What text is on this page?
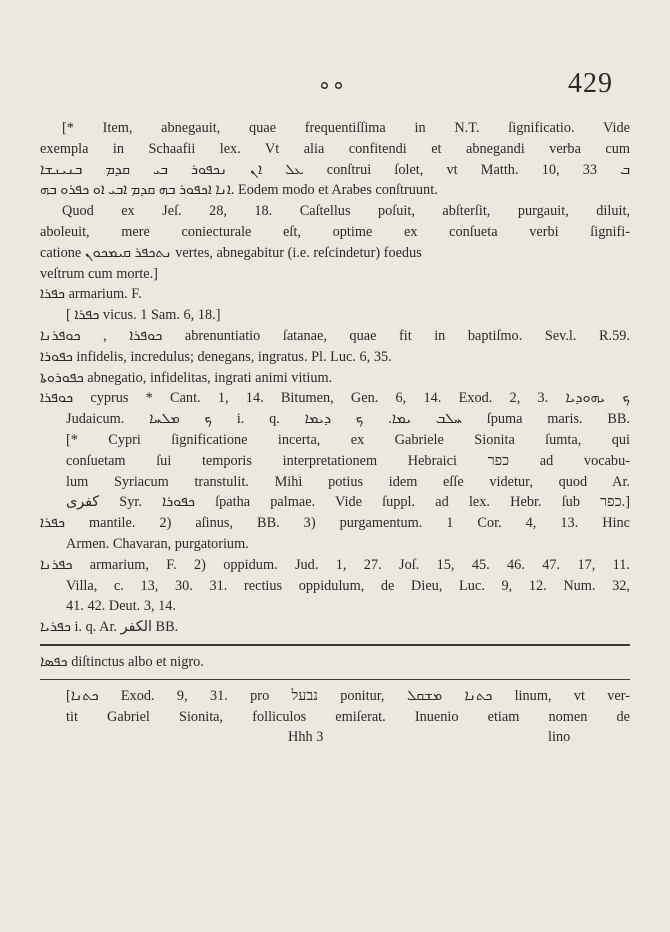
ܘ ܘ	429
[* Item, abnegauit, quae frequentiſſima in N.T. ſignificatio. Vide
exempla in Schaafii lex. Vt alia confitendi et abnegandi verba cum
ܥܠ ܐܢ ܢܟܦܘܪ ܒܝ ܩܕܡ ܒܢܝܢܫܐ conſtrui ſolet, vt Matth. 10, 33 ܒ
ܐܢܐ ܐܟܦܘܪ ܒܗ ܩܕܡ ܐܒܝ ܐܘ ܟܦܪܘ ܒܗ. Eodem modo et Arabes conſtruunt.
Quod ex Jeſ. 28, 18. Caſtellus poſuit, abſterſit, purgauit, diluit,
aboleuit, mere coniecturale eſt, optime ex conſueta verbi ſignifi-
catione ܢܬܟܦܪ ܩܝܡܟܘܢ vertes, abnegabitur (i.e. reſcindetur) foedus
veſtrum cum morte.]
ܟܦܪܐ armarium. F.
[ ܟܦܪܐ vicus. 1 Sam. 6, 18.]
ܟܘܦܪܐ , ܟܘܦܪܢܐ abrenuntiatio ſatanae, quae fit in baptiſmo. Sev.l. R.59.
ܟܦܘܪܐ infidelis, incredulus; denegans, ingratus. Pl. Luc. 6, 35.
ܟܦܘܪܘܬܐ abnegatio, infidelitas, ingrati animi vitium.
ܟܘܦܪܐ cyprus * Cant. 1, 14. Bitumen, Gen. 6, 14. Exod. 2, 3. ܟ ܝܗܘܕܝܐ
Judaicum. ܟ ܡܠܚܐ i. q. ܚܠܒ ܝܡܐ. ܟ ܕܝܡܐ ſpuma maris. BB.
[* Cypri ſignificatione incerta, ex Gabriele Sionita ſumta, qui
conſuetam ſui temporis interpretationem Hebraici כפר ad vocabu-
lum Syriacum transtulit. Mihi potius idem eſſe videtur, quod Ar.
كفرى Syr. ܟܦܘܪܐ ſpatha palmae. Vide ſuppl. ad lex. Hebr. ſub כפר.]
ܟܦܪܐ mantile. 2) aſinus, BB. 3) purgamentum. 1 Cor. 4, 13. Hinc
Armen. Chavaran, purgatorium.
ܟܦܪܢܐ armarium, F. 2) oppidum. Jud. 1, 27. Joſ. 15, 45. 46. 47. 17, 11.
Villa, c. 13, 30. 31. rectius oppidulum, de Dieu, Luc. 9, 12. Num. 32,
41. 42. Deut. 3, 14.
ܟܦܪܝܐ i. q. Ar. الكفر BB.
ܟܦܣܐ diſtinctus albo et nigro.
[ܟܬܢܐ Exod. 9, 31. pro נבעל ponitur, ܟܬܢܐ ܡܫܩܠ linum, vt ver-
tit Gabriel Sionita, folliculos emiſerat. Inuenio etiam nomen de
Hhh 3	lino
